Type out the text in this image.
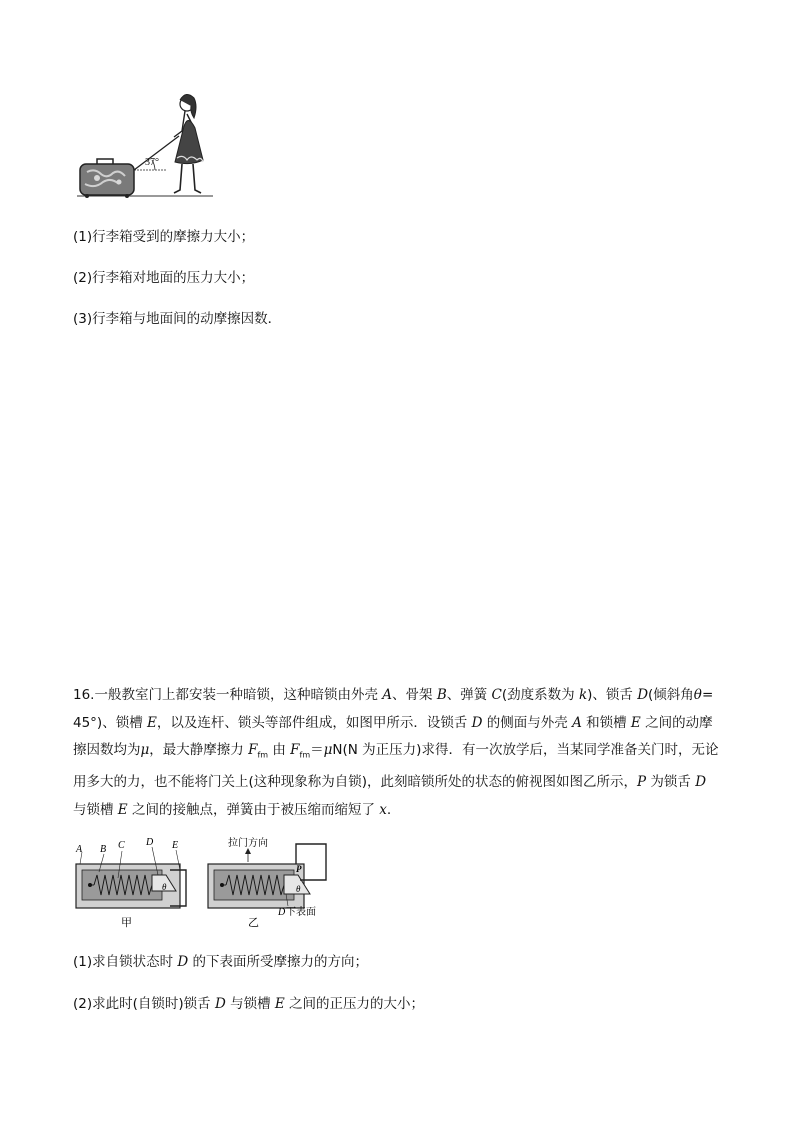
37°
(1)行李箱受到的摩擦力大小；
(2)行李箱对地面的压力大小；
(3)行李箱与地面间的动摩擦因数．

16.一般教室门上都安装一种暗锁，这种暗锁由外壳 A、骨架 B、弹簧 C(劲度系数为 k)、锁舌 D(倾斜角θ=

45°)、锁槽 E，以及连杆、锁头等部件组成，如图甲所示．设锁舌 D 的侧面与外壳 A 和锁槽 E 之间的动摩

擦因数均为μ，最大静摩擦力 $F_{fm}$ 由 $F_{fm}=\mu N(N$ 为正压力)求得．有一次放学后，当某同学准备关门时，无论

用多大的力，也不能将门关上(这种现象称为自锁)，此刻暗锁所处的状态的俯视图如图乙所示，P 为锁舌 D

与锁槽 E 之间的接触点，弹簧由于被压缩而缩短了 x.

A B C D E
θ
甲
拉门方向
P
θ
D 下表面
乙
(1)求自锁状态时 D 的下表面所受摩擦力的方向；
(2)求此时(自锁时)锁舌 D 与锁槽 E 之间的正压力的大小；
